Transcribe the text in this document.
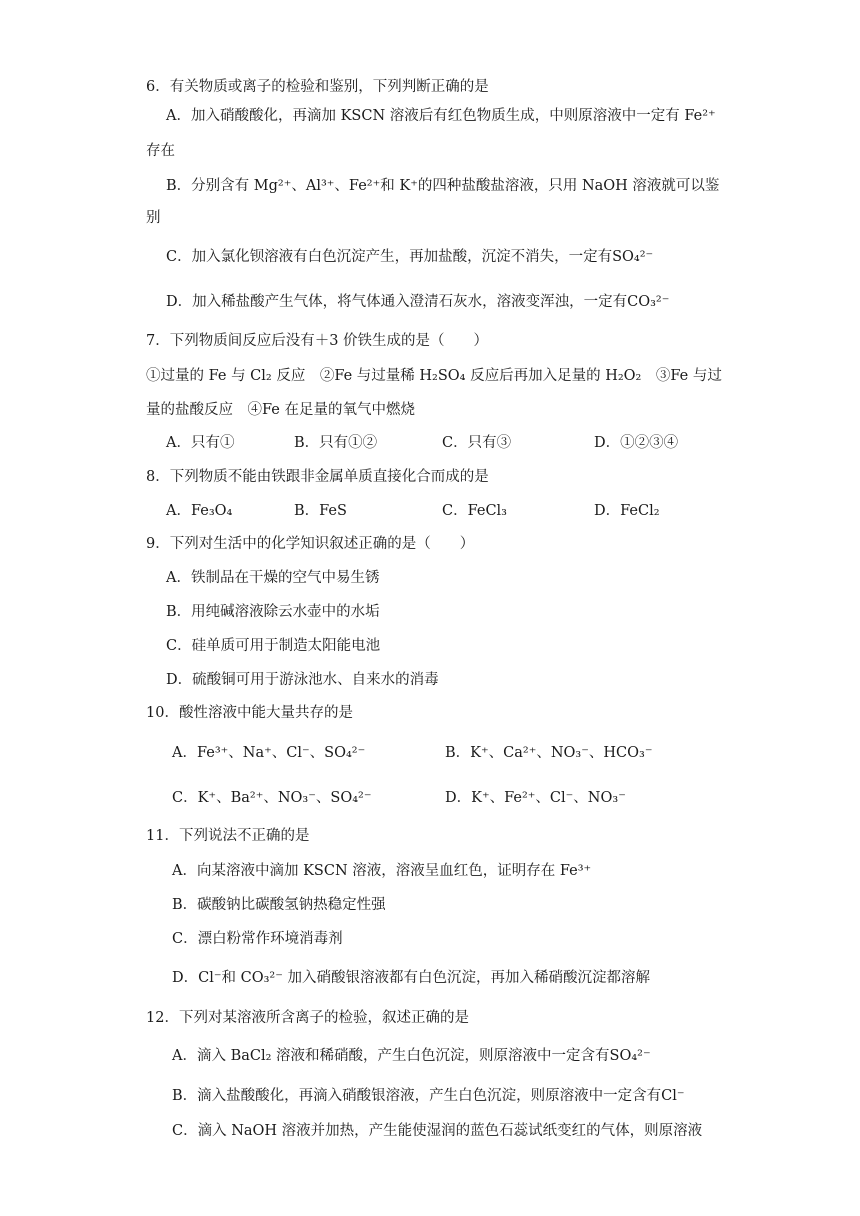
6．有关物质或离子的检验和鉴别，下列判断正确的是
A．加入硝酸酸化，再滴加 KSCN 溶液后有红色物质生成，中则原溶液中一定有 Fe²⁺
存在
B．分别含有 Mg²⁺、Al³⁺、Fe²⁺和 K⁺的四种盐酸盐溶液，只用 NaOH 溶液就可以鉴
别
C．加入氯化钡溶液有白色沉淀产生，再加盐酸，沉淀不消失，一定有SO₄²⁻
D．加入稀盐酸产生气体，将气体通入澄清石灰水，溶液变浑浊，一定有CO₃²⁻
7．下列物质间反应后没有＋3 价铁生成的是（　　）
①过量的 Fe 与 Cl₂ 反应　②Fe 与过量稀 H₂SO₄ 反应后再加入足量的 H₂O₂　③Fe 与过
量的盐酸反应　④Fe 在足量的氧气中燃烧
A．只有①	B．只有①②	C．只有③	D．①②③④
8．下列物质不能由铁跟非金属单质直接化合而成的是
A．Fe₃O₄	B．FeS	C．FeCl₃	D．FeCl₂
9．下列对生活中的化学知识叙述正确的是（　　）
A．铁制品在干燥的空气中易生锈
B．用纯碱溶液除云水壶中的水垢
C．硅单质可用于制造太阳能电池
D．硫酸铜可用于游泳池水、自来水的消毒
10．酸性溶液中能大量共存的是
A．Fe³⁺、Na⁺、Cl⁻、SO₄²⁻	B．K⁺、Ca²⁺、NO₃⁻、HCO₃⁻
C．K⁺、Ba²⁺、NO₃⁻、SO₄²⁻	D．K⁺、Fe²⁺、Cl⁻、NO₃⁻
11．下列说法不正确的是
A．向某溶液中滴加 KSCN 溶液，溶液呈血红色，证明存在 Fe³⁺
B．碳酸钠比碳酸氢钠热稳定性强
C．漂白粉常作环境消毒剂
D．Cl⁻和 CO₃²⁻ 加入硝酸银溶液都有白色沉淀，再加入稀硝酸沉淀都溶解
12．下列对某溶液所含离子的检验，叙述正确的是
A．滴入 BaCl₂ 溶液和稀硝酸，产生白色沉淀，则原溶液中一定含有SO₄²⁻
B．滴入盐酸酸化，再滴入硝酸银溶液，产生白色沉淀，则原溶液中一定含有Cl⁻
C．滴入 NaOH 溶液并加热，产生能使湿润的蓝色石蕊试纸变红的气体，则原溶液
